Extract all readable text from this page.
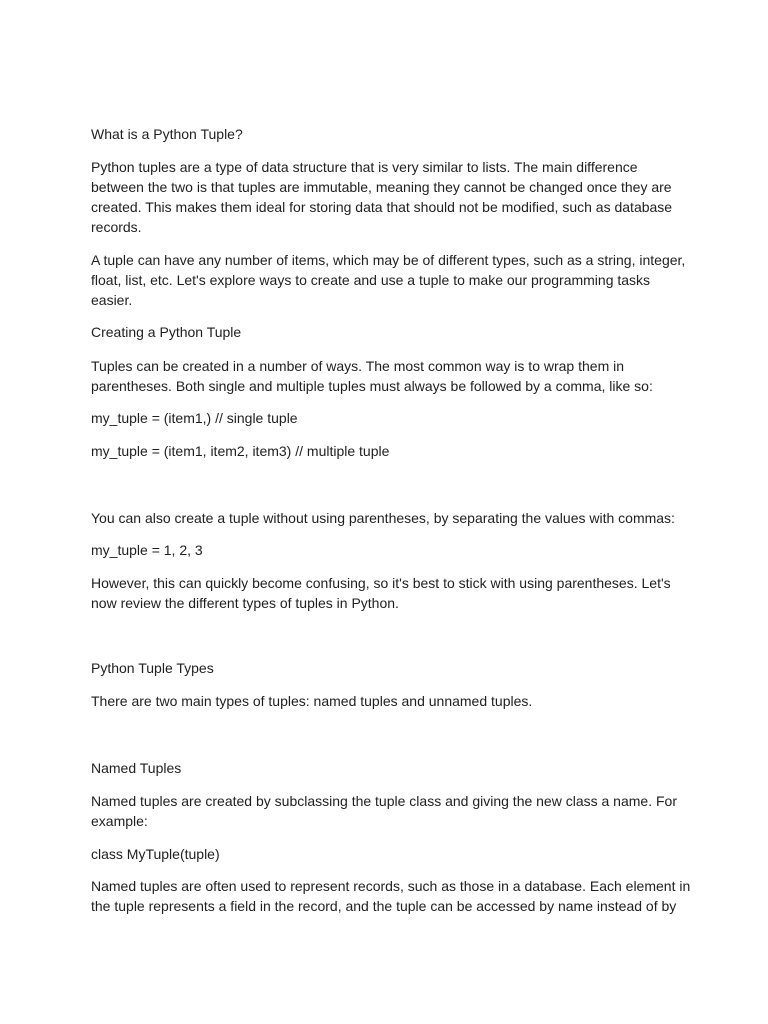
What is a Python Tuple?

Python tuples are a type of data structure that is very similar to lists. The main difference

between the two is that tuples are immutable, meaning they cannot be changed once they are

created. This makes them ideal for storing data that should not be modified, such as database

records.

A tuple can have any number of items, which may be of different types, such as a string, integer,

float, list, etc. Let's explore ways to create and use a tuple to make our programming tasks

easier.

Creating a Python Tuple

Tuples can be created in a number of ways. The most common way is to wrap them in

parentheses. Both single and multiple tuples must always be followed by a comma, like so:

my_tuple = (item1,) // single tuple

my_tuple = (item1, item2, item3) // multiple tuple

You can also create a tuple without using parentheses, by separating the values with commas:

my_tuple = 1, 2, 3

However, this can quickly become confusing, so it's best to stick with using parentheses. Let's

now review the different types of tuples in Python.

Python Tuple Types

There are two main types of tuples: named tuples and unnamed tuples.

Named Tuples

Named tuples are created by subclassing the tuple class and giving the new class a name. For

example:

class MyTuple(tuple)

Named tuples are often used to represent records, such as those in a database. Each element in

the tuple represents a field in the record, and the tuple can be accessed by name instead of by
